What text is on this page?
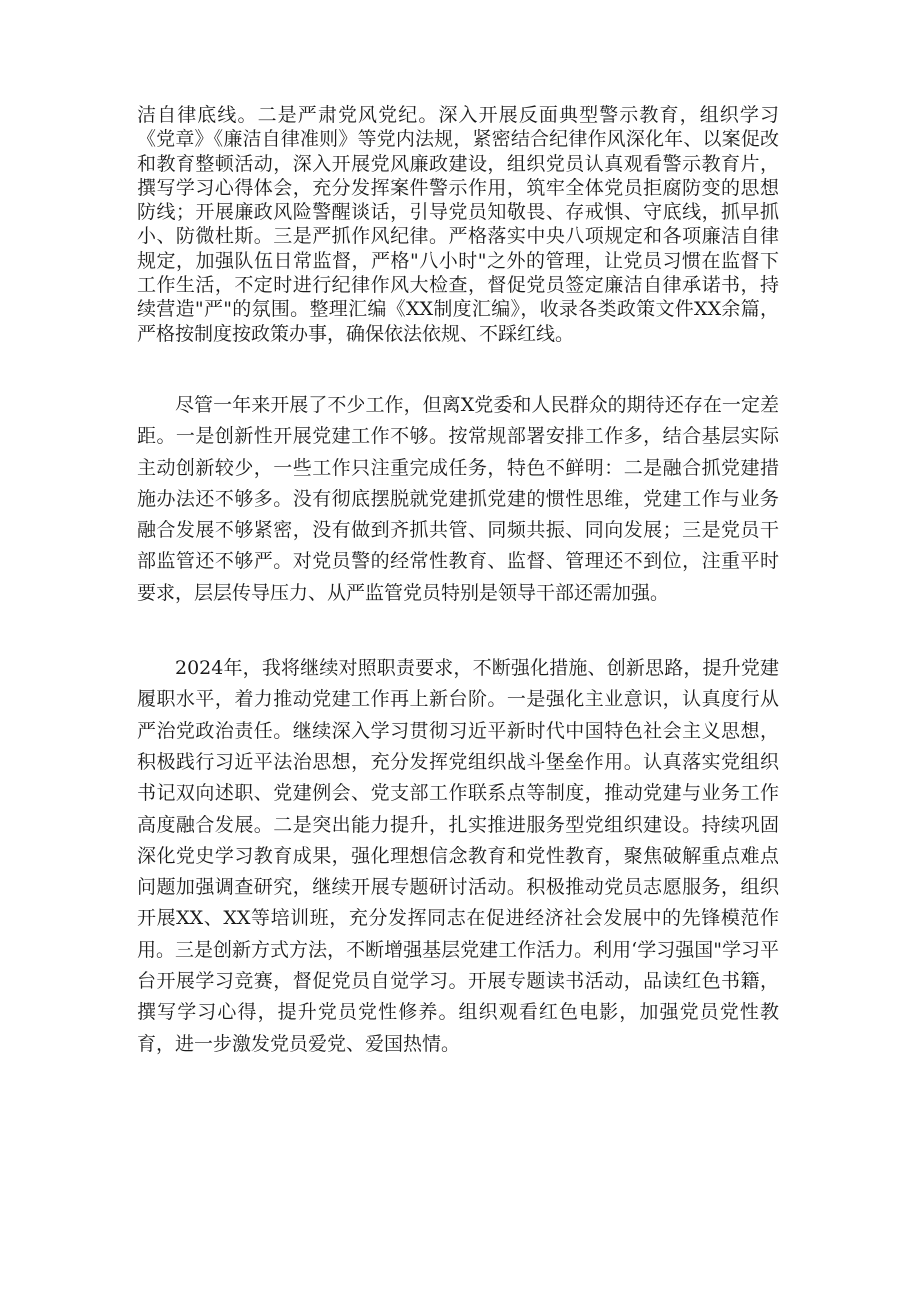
洁自律底线。二是严肃党风党纪。深入开展反面典型警示教育，组织学习《党章》《廉洁自律准则》等党内法规，紧密结合纪律作风深化年、以案促改和教育整顿活动，深入开展党风廉政建设，组织党员认真观看警示教育片，撰写学习心得体会，充分发挥案件警示作用，筑牢全体党员拒腐防变的思想防线；开展廉政风险警醒谈话，引导党员知敬畏、存戒惧、守底线，抓早抓小、防微杜斯。三是严抓作风纪律。严格落实中央八项规定和各项廉洁自律规定，加强队伍日常监督，严格"八小时"之外的管理，让党员习惯在监督下工作生活，不定时进行纪律作风大检查，督促党员签定廉洁自律承诺书，持续营造"严"的氛围。整理汇编《XX制度汇编》，收录各类政策文件XX余篇，严格按制度按政策办事，确保依法依规、不踩红线。

尽管一年来开展了不少工作，但离X党委和人民群众的期待还存在一定差距。一是创新性开展党建工作不够。按常规部署安排工作多，结合基层实际主动创新较少，一些工作只注重完成任务，特色不鲜明：二是融合抓党建措施办法还不够多。没有彻底摆脱就党建抓党建的惯性思维，党建工作与业务融合发展不够紧密，没有做到齐抓共管、同频共振、同向发展；三是党员干部监管还不够严。对党员警的经常性教育、监督、管理还不到位，注重平时要求，层层传导压力、从严监管党员特别是领导干部还需加强。

2024年，我将继续对照职责要求，不断强化措施、创新思路，提升党建履职水平，着力推动党建工作再上新台阶。一是强化主业意识，认真度行从严治党政治责任。继续深入学习贯彻习近平新时代中国特色社会主义思想，积极践行习近平法治思想，充分发挥党组织战斗堡垒作用。认真落实党组织书记双向述职、党建例会、党支部工作联系点等制度，推动党建与业务工作高度融合发展。二是突出能力提升，扎实推进服务型党组织建设。持续巩固深化党史学习教育成果，强化理想信念教育和党性教育，聚焦破解重点难点问题加强调查研究，继续开展专题研讨活动。积极推动党员志愿服务，组织开展XX、XX等培训班，充分发挥同志在促进经济社会发展中的先锋模范作用。三是创新方式方法，不断增强基层党建工作活力。利用‘学习强国"学习平台开展学习竞赛，督促党员自觉学习。开展专题读书活动，品读红色书籍，撰写学习心得，提升党员党性修养。组织观看红色电影，加强党员党性教育，进一步激发党员爱党、爱国热情。
